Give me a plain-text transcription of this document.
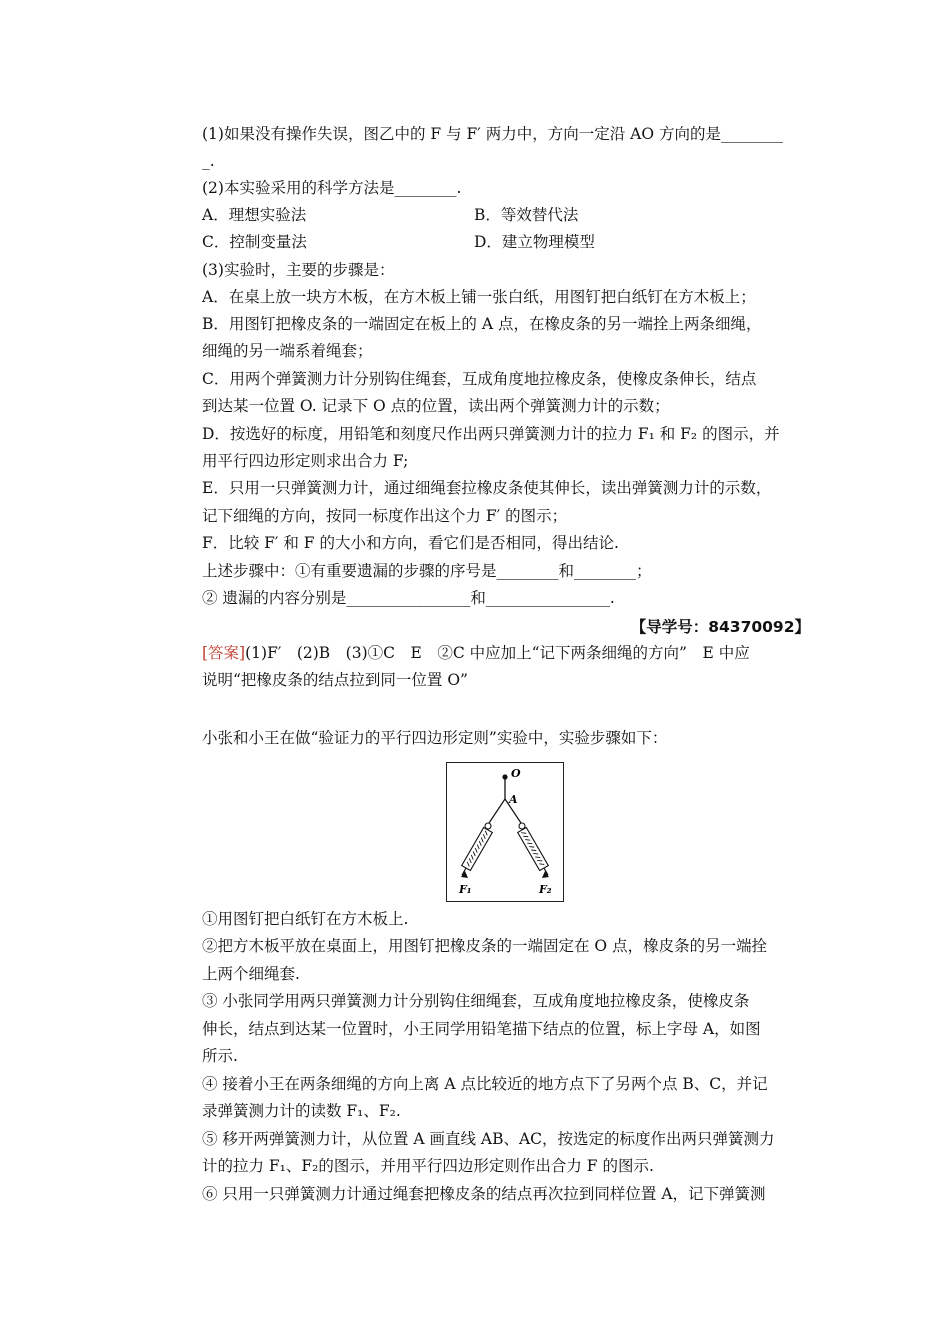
(1)如果没有操作失误，图乙中的 F 与 F′ 两力中，方向一定沿 AO 方向的是________
_.
(2)本实验采用的科学方法是________.
A．理想实验法	B．等效替代法
C．控制变量法	D．建立物理模型
(3)实验时，主要的步骤是：
A．在桌上放一块方木板，在方木板上铺一张白纸，用图钉把白纸钉在方木板上；
B．用图钉把橡皮条的一端固定在板上的 A 点，在橡皮条的另一端拴上两条细绳，
细绳的另一端系着绳套；
C．用两个弹簧测力计分别钩住绳套，互成角度地拉橡皮条，使橡皮条伸长，结点
到达某一位置 O. 记录下 O 点的位置，读出两个弹簧测力计的示数；
D．按选好的标度，用铅笔和刻度尺作出两只弹簧测力计的拉力 F₁ 和 F₂ 的图示，并
用平行四边形定则求出合力 F;
E．只用一只弹簧测力计，通过细绳套拉橡皮条使其伸长，读出弹簧测力计的示数，
记下细绳的方向，按同一标度作出这个力 F′ 的图示；
F．比较 F′ 和 F 的大小和方向，看它们是否相同，得出结论.
上述步骤中：①有重要遗漏的步骤的序号是________和________；
② 遗漏的内容分别是________________和________________.
【导学号：84370092】
[答案](1)F′　(2)B　(3)①C　E　②C 中应加上“记下两条细绳的方向”　E 中应
说明“把橡皮条的结点拉到同一位置 O”
小张和小王在做“验证力的平行四边形定则”实验中，实验步骤如下：
O
A
F₁	F₂
①用图钉把白纸钉在方木板上.
②把方木板平放在桌面上，用图钉把橡皮条的一端固定在 O 点，橡皮条的另一端拴
上两个细绳套.
③ 小张同学用两只弹簧测力计分别钩住细绳套，互成角度地拉橡皮条，使橡皮条
伸长，结点到达某一位置时，小王同学用铅笔描下结点的位置，标上字母 A，如图
所示.
④ 接着小王在两条细绳的方向上离 A 点比较近的地方点下了另两个点 B、C，并记
录弹簧测力计的读数 F₁、F₂.
⑤ 移开两弹簧测力计，从位置 A 画直线 AB、AC，按选定的标度作出两只弹簧测力
计的拉力 F₁、F₂的图示，并用平行四边形定则作出合力 F 的图示.
⑥ 只用一只弹簧测力计通过绳套把橡皮条的结点再次拉到同样位置 A，记下弹簧测
